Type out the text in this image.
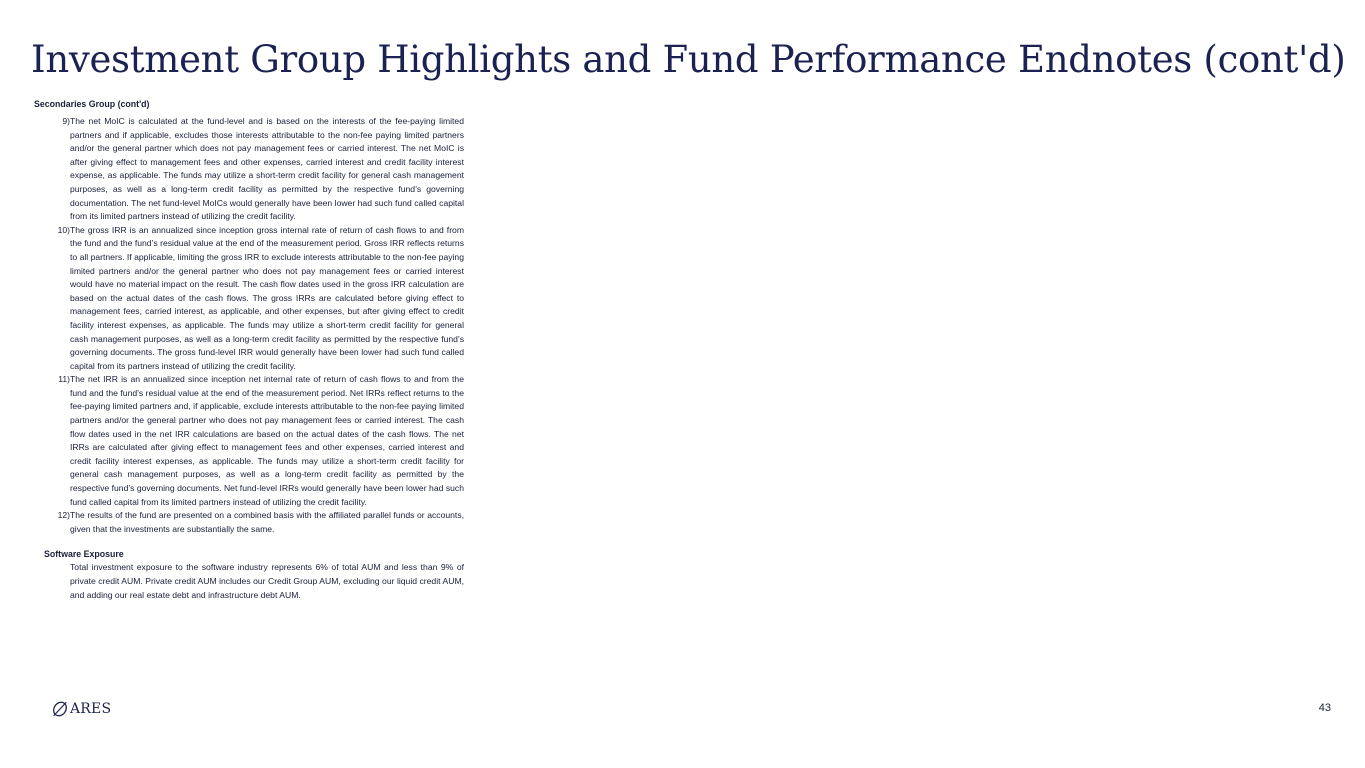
Investment Group Highlights and Fund Performance Endnotes (cont'd)
Secondaries Group (cont'd)
9) The net MoIC is calculated at the fund-level and is based on the interests of the fee-paying limited partners and if applicable, excludes those interests attributable to the non-fee paying limited partners and/or the general partner which does not pay management fees or carried interest. The net MoIC is after giving effect to management fees and other expenses, carried interest and credit facility interest expense, as applicable. The funds may utilize a short-term credit facility for general cash management purposes, as well as a long-term credit facility as permitted by the respective fund’s governing documentation. The net fund-level MoICs would generally have been lower had such fund called capital from its limited partners instead of utilizing the credit facility.
10) The gross IRR is an annualized since inception gross internal rate of return of cash flows to and from the fund and the fund’s residual value at the end of the measurement period. Gross IRR reflects returns to all partners. If applicable, limiting the gross IRR to exclude interests attributable to the non-fee paying limited partners and/or the general partner who does not pay management fees or carried interest would have no material impact on the result. The cash flow dates used in the gross IRR calculation are based on the actual dates of the cash flows. The gross IRRs are calculated before giving effect to management fees, carried interest, as applicable, and other expenses, but after giving effect to credit facility interest expenses, as applicable. The funds may utilize a short-term credit facility for general cash management purposes, as well as a long-term credit facility as permitted by the respective fund’s governing documents. The gross fund-level IRR would generally have been lower had such fund called capital from its partners instead of utilizing the credit facility.
11) The net IRR is an annualized since inception net internal rate of return of cash flows to and from the fund and the fund’s residual value at the end of the measurement period. Net IRRs reflect returns to the fee-paying limited partners and, if applicable, exclude interests attributable to the non-fee paying limited partners and/or the general partner who does not pay management fees or carried interest. The cash flow dates used in the net IRR calculations are based on the actual dates of the cash flows. The net IRRs are calculated after giving effect to management fees and other expenses, carried interest and credit facility interest expenses, as applicable. The funds may utilize a short-term credit facility for general cash management purposes, as well as a long-term credit facility as permitted by the respective fund’s governing documents. Net fund-level IRRs would generally have been lower had such fund called capital from its limited partners instead of utilizing the credit facility.
12) The results of the fund are presented on a combined basis with the affiliated parallel funds or accounts, given that the investments are substantially the same.
Software Exposure

Total investment exposure to the software industry represents 6% of total AUM and less than 9% of private credit AUM. Private credit AUM includes our Credit Group AUM, excluding our liquid credit AUM, and adding our real estate debt and infrastructure debt AUM.

ARES	43
